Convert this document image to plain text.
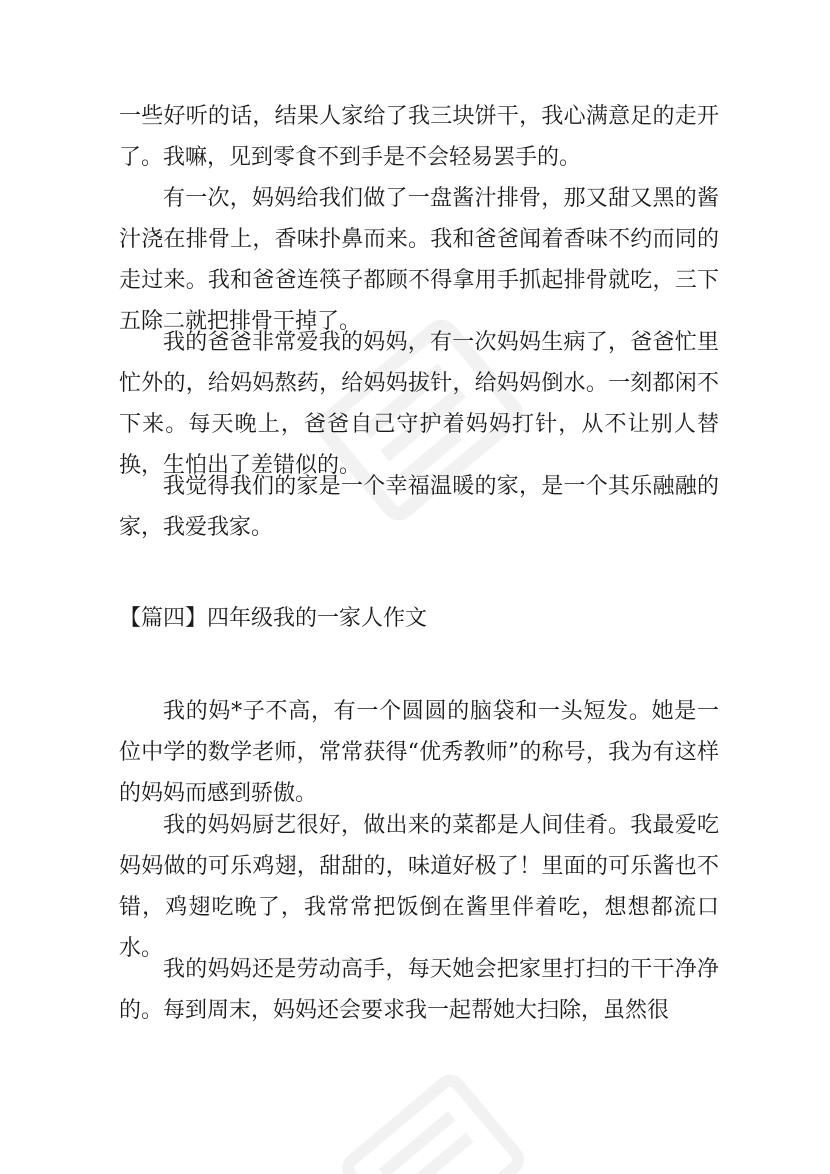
一些好听的话，结果人家给了我三块饼干，我心满意足的走开了。我嘛，见到零食不到手是不会轻易罢手的。

有一次，妈妈给我们做了一盘酱汁排骨，那又甜又黑的酱汁浇在排骨上，香味扑鼻而来。我和爸爸闻着香味不约而同的走过来。我和爸爸连筷子都顾不得拿用手抓起排骨就吃，三下五除二就把排骨干掉了。

我的爸爸非常爱我的妈妈，有一次妈妈生病了，爸爸忙里忙外的，给妈妈熬药，给妈妈拔针，给妈妈倒水。一刻都闲不下来。每天晚上，爸爸自己守护着妈妈打针，从不让别人替换，生怕出了差错似的。

我觉得我们的家是一个幸福温暖的家，是一个其乐融融的家，我爱我家。

【篇四】四年级我的一家人作文

我的妈*子不高，有一个圆圆的脑袋和一头短发。她是一位中学的数学老师，常常获得“优秀教师”的称号，我为有这样的妈妈而感到骄傲。

我的妈妈厨艺很好，做出来的菜都是人间佳肴。我最爱吃妈妈做的可乐鸡翅，甜甜的，味道好极了！里面的可乐酱也不错，鸡翅吃晚了，我常常把饭倒在酱里伴着吃，想想都流口水。

我的妈妈还是劳动高手，每天她会把家里打扫的干干净净的。每到周末，妈妈还会要求我一起帮她大扫除，虽然很
